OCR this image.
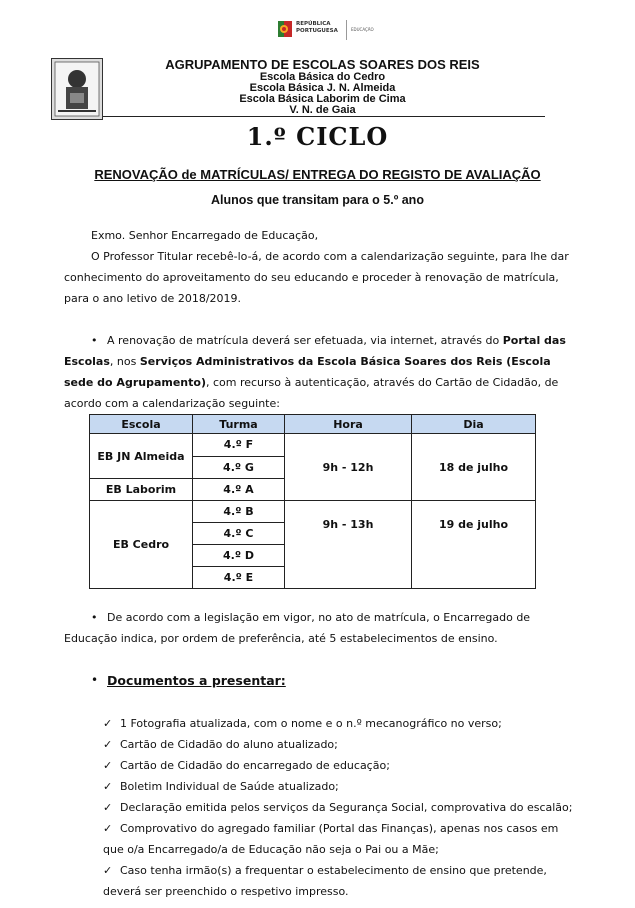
REPÚBLICA
PORTUGUESA	EDUCAÇÃO
AGRUPAMENTO DE ESCOLAS SOARES DOS REIS
Escola Básica do Cedro
Escola Básica J. N. Almeida
Escola Básica Laborim de Cima
V. N. de Gaia
1.º CICLO
RENOVAÇÃO de MATRÍCULAS/ ENTREGA DO REGISTO DE AVALIAÇÃO
Alunos que transitam para o 5.º ano
Exmo. Senhor Encarregado de Educação,
O Professor Titular recebê-lo-á, de acordo com a calendarização seguinte, para lhe dar
conhecimento do aproveitamento do seu educando e proceder à renovação de matrícula,
para o ano letivo de 2018/2019.
• A renovação de matrícula deverá ser efetuada, via internet, através do Portal das
Escolas, nos Serviços Administrativos da Escola Básica Soares dos Reis (Escola
sede do Agrupamento), com recurso à autenticação, através do Cartão de Cidadão, de
acordo com a calendarização seguinte:
Escola	Turma	Hora	Dia
EB JN Almeida	4.º F	9h - 12h	18 de julho
	4.º G		
EB Laborim	4.º A		
EB Cedro	4.º B	9h - 13h	19 de julho
	4.º C		
	4.º D		
	4.º E		
• De acordo com a legislação em vigor, no ato de matrícula, o Encarregado de
Educação indica, por ordem de preferência, até 5 estabelecimentos de ensino.
• Documentos a presentar:
✓ 1 Fotografia atualizada, com o nome e o n.º mecanográfico no verso;
✓ Cartão de Cidadão do aluno atualizado;
✓ Cartão de Cidadão do encarregado de educação;
✓ Boletim Individual de Saúde atualizado;
✓ Declaração emitida pelos serviços da Segurança Social, comprovativa do escalão;
✓ Comprovativo do agregado familiar (Portal das Finanças), apenas nos casos em
que o/a Encarregado/a de Educação não seja o Pai ou a Mãe;
✓ Caso tenha irmão(s) a frequentar o estabelecimento de ensino que pretende,
deverá ser preenchido o respetivo impresso.
